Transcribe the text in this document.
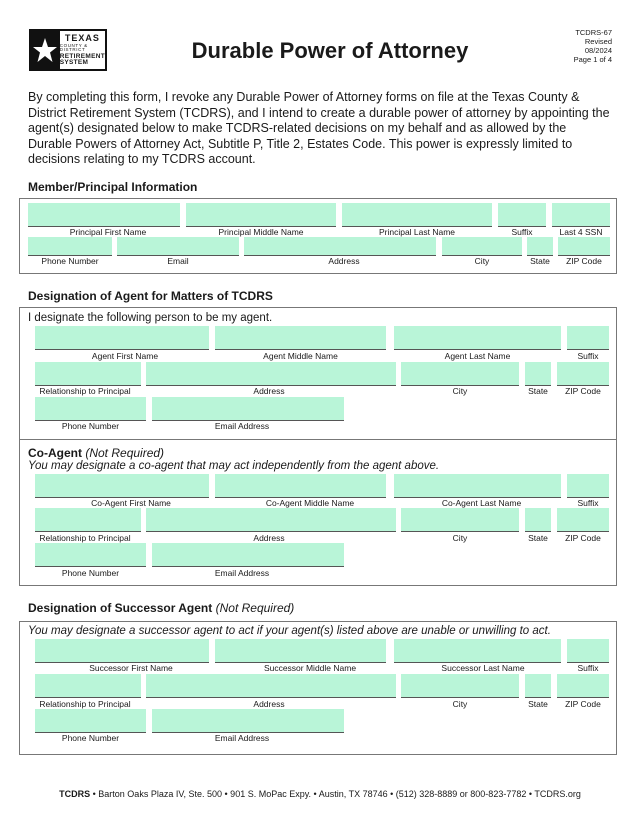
TEXAS
COUNTY & DISTRICT
RETIREMENT SYSTEM	Durable Power of Attorney
TCDRS-67
Revised
08/2024
Page 1 of 4
By completing this form, I revoke any Durable Power of Attorney forms on file at the Texas County & District Retirement System (TCDRS), and I intend to create a durable power of attorney by appointing the agent(s) designated below to make TCDRS-related decisions on my behalf and as allowed by the Durable Powers of Attorney Act, Subtitle P, Title 2, Estates Code. This power is expressly limited to decisions relating to my TCDRS account.
Member/Principal Information
Principal First Name	Principal Middle Name	Principal Last Name	Suffix	Last 4 SSN
Phone Number	Email	Address	City	State	ZIP Code
Designation of Agent for Matters of TCDRS
I designate the following person to be my agent.
Agent First Name	Agent Middle Name	Agent Last Name	Suffix
Relationship to Principal	Address	City	State	ZIP Code
Phone Number	Email Address
Co-Agent (Not Required)
You may designate a co-agent that may act independently from the agent above.
Co-Agent First Name	Co-Agent Middle Name	Co-Agent Last Name	Suffix
Relationship to Principal	Address	City	State	ZIP Code
Phone Number	Email Address
Designation of Successor Agent (Not Required)
You may designate a successor agent to act if your agent(s) listed above are unable or unwilling to act.
Successor First Name	Successor Middle Name	Successor Last Name	Suffix
Relationship to Principal	Address	City	State	ZIP Code
Phone Number	Email Address
TCDRS • Barton Oaks Plaza IV, Ste. 500 • 901 S. MoPac Expy. • Austin, TX 78746 • (512) 328-8889 or 800-823-7782 • TCDRS.org
